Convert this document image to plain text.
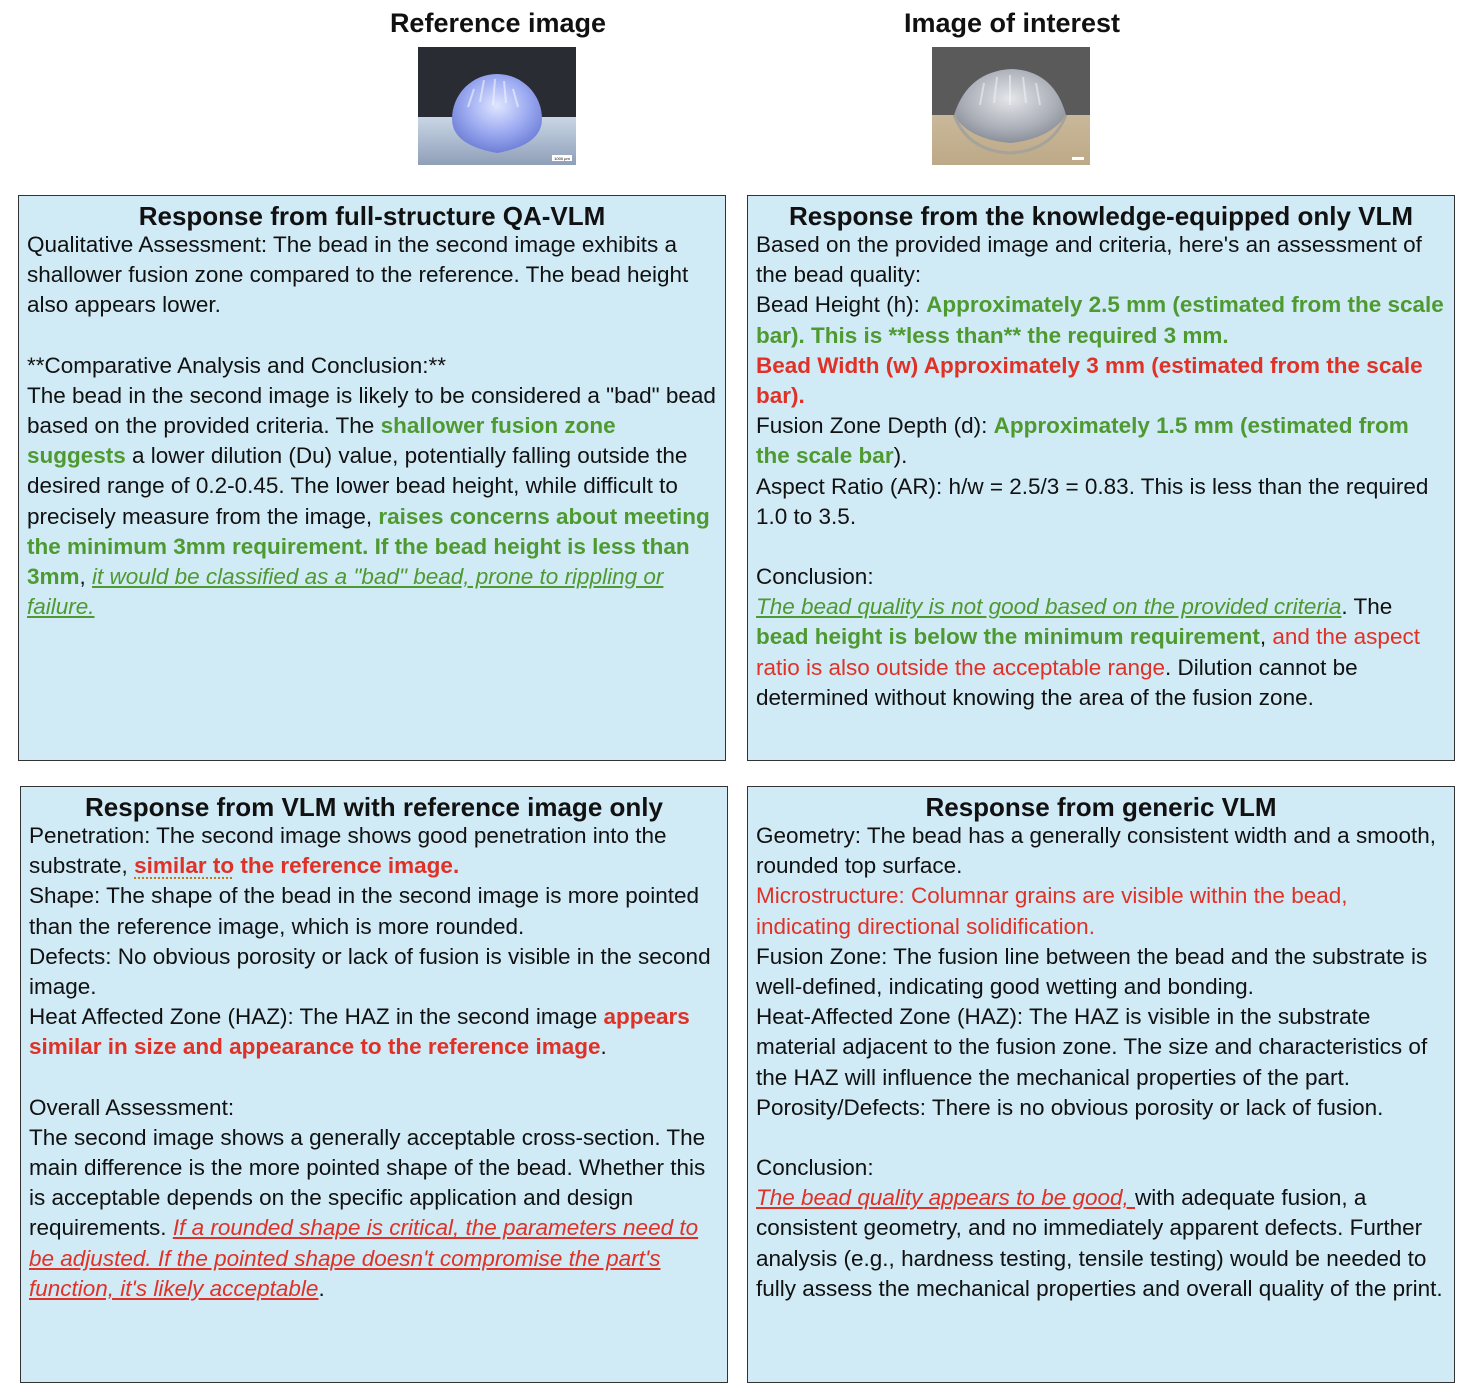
Reference image	Image of interest
1000 μm
Response from full-structure QA-VLM

Qualitative Assessment: The bead in the second image exhibits a shallower fusion zone compared to the reference. The bead height also appears lower.

**Comparative Analysis and Conclusion:**

The bead in the second image is likely to be considered a "bad" bead based on the provided criteria. The shallower fusion zone suggests a lower dilution (Du) value, potentially falling outside the desired range of 0.2-0.45. The lower bead height, while difficult to precisely measure from the image, raises concerns about meeting the minimum 3mm requirement. If the bead height is less than 3mm, it would be classified as a "bad" bead, prone to rippling or failure.

Response from the knowledge-equipped only VLM

Based on the provided image and criteria, here's an assessment of the bead quality:

Bead Height (h): Approximately 2.5 mm (estimated from the scale bar). This is **less than** the required 3 mm.

Bead Width (w) Approximately 3 mm (estimated from the scale bar).

Fusion Zone Depth (d): Approximately 1.5 mm (estimated from the scale bar).

Aspect Ratio (AR): h/w = 2.5/3 = 0.83. This is less than the required 1.0 to 3.5.

Conclusion:

The bead quality is not good based on the provided criteria. The bead height is below the minimum requirement, and the aspect ratio is also outside the acceptable range. Dilution cannot be determined without knowing the area of the fusion zone.

Response from VLM with reference image only

Penetration: The second image shows good penetration into the substrate, similar to the reference image.

Shape: The shape of the bead in the second image is more pointed than the reference image, which is more rounded.

Defects: No obvious porosity or lack of fusion is visible in the second image.

Heat Affected Zone (HAZ): The HAZ in the second image appears similar in size and appearance to the reference image.

Overall Assessment:

The second image shows a generally acceptable cross-section. The main difference is the more pointed shape of the bead. Whether this is acceptable depends on the specific application and design requirements. If a rounded shape is critical, the parameters need to be adjusted. If the pointed shape doesn't compromise the part's function, it's likely acceptable.

Response from generic VLM

Geometry: The bead has a generally consistent width and a smooth, rounded top surface.

Microstructure: Columnar grains are visible within the bead, indicating directional solidification.

Fusion Zone: The fusion line between the bead and the substrate is well-defined, indicating good wetting and bonding.

Heat-Affected Zone (HAZ): The HAZ is visible in the substrate material adjacent to the fusion zone. The size and characteristics of the HAZ will influence the mechanical properties of the part.

Porosity/Defects: There is no obvious porosity or lack of fusion.

Conclusion:

The bead quality appears to be good, with adequate fusion, a consistent geometry, and no immediately apparent defects. Further analysis (e.g., hardness testing, tensile testing) would be needed to fully assess the mechanical properties and overall quality of the print.
